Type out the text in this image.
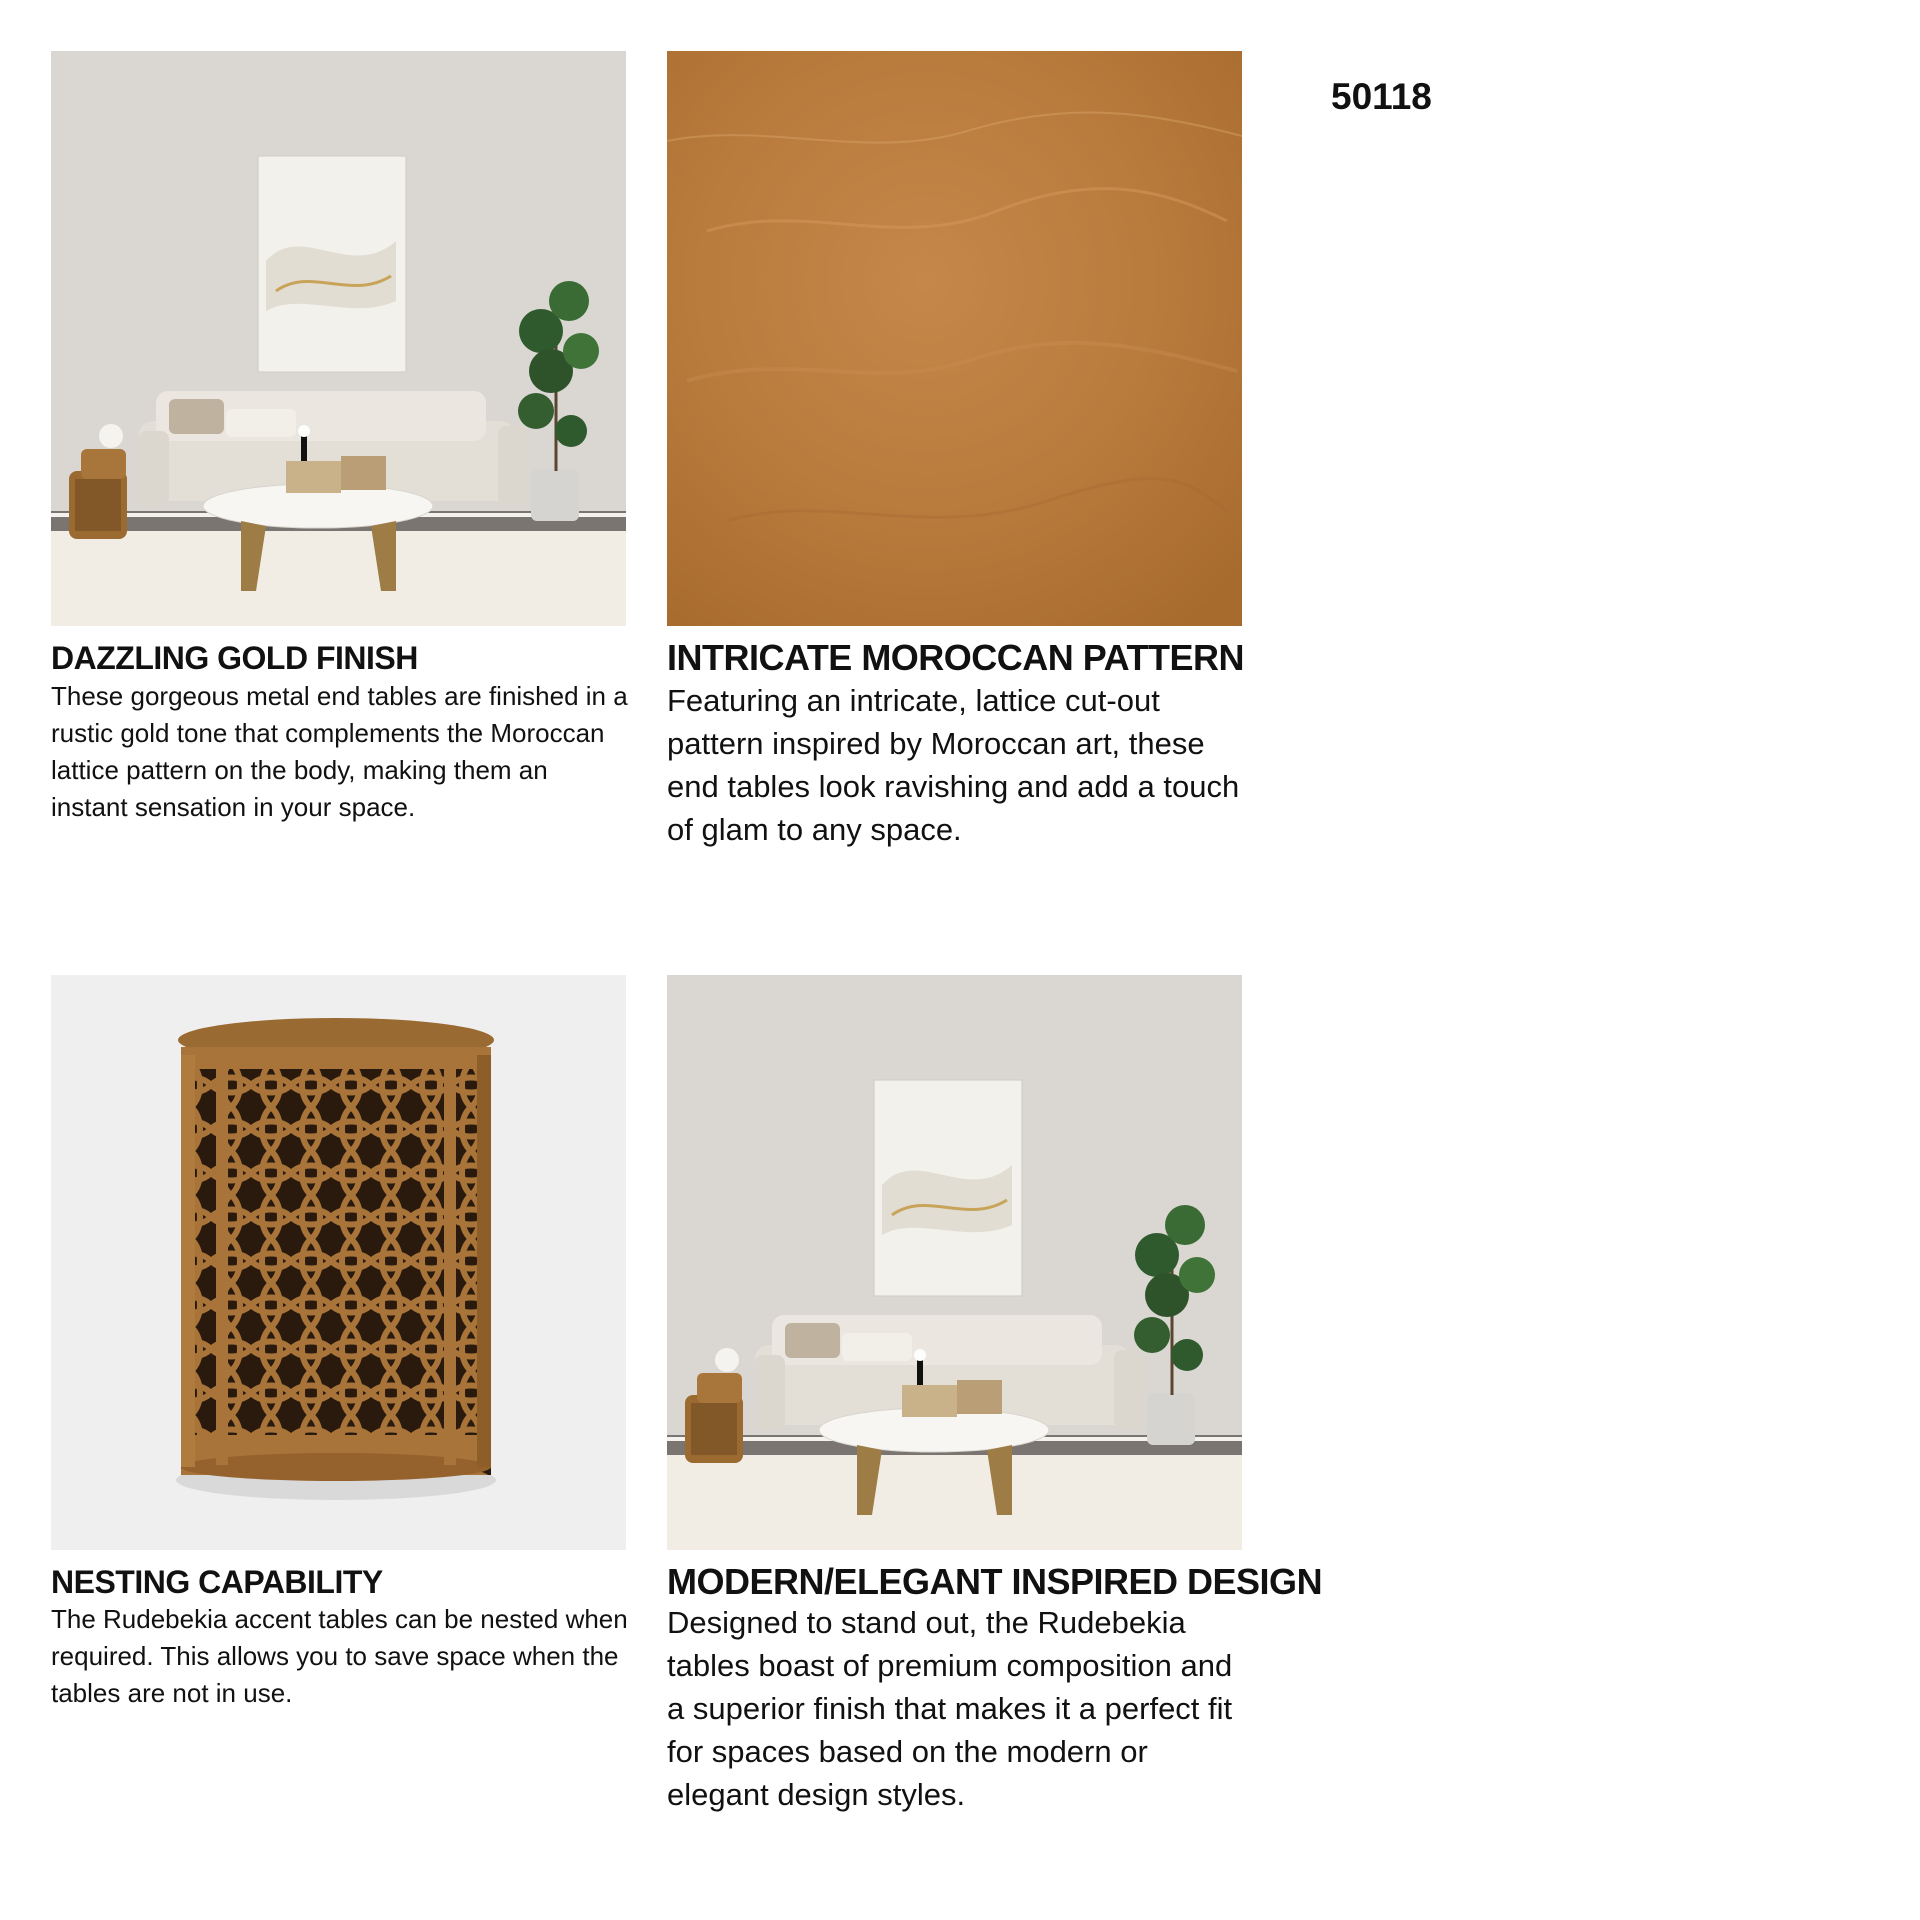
50118
DAZZLING GOLD FINISH

These gorgeous metal end tables are finished in a rustic gold tone that complements the Moroccan lattice pattern on the body, making them an instant sensation in your space.

INTRICATE MOROCCAN PATTERN

Featuring an intricate, lattice cut-out pattern inspired by Moroccan art, these end tables look ravishing and add a touch of glam to any space.

NESTING CAPABILITY

The Rudebekia accent tables can be nested when required. This allows you to save space when the tables are not in use.

MODERN/ELEGANT INSPIRED DESIGN

Designed to stand out, the Rudebekia tables boast of premium composition and a superior finish that makes it a perfect fit for spaces based on the modern or elegant design styles.
